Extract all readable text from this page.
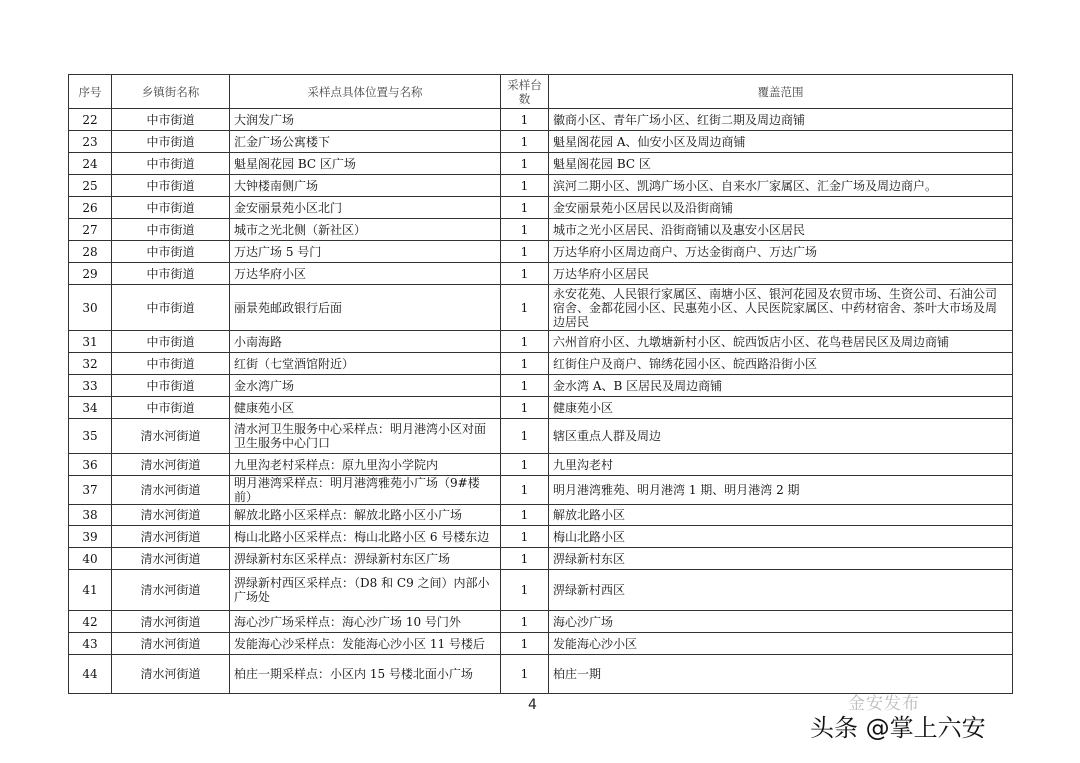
序号	乡镇街名称	采样点具体位置与名称	采样台数	覆盖范围
22	中市街道	大润发广场	1	徽商小区、青年广场小区、红街二期及周边商铺
23	中市街道	汇金广场公寓楼下	1	魁星阁花园 A、仙安小区及周边商铺
24	中市街道	魁星阁花园 BC 区广场	1	魁星阁花园 BC 区
25	中市街道	大钟楼南侧广场	1	滨河二期小区、凯鸿广场小区、自来水厂家属区、汇金广场及周边商户。
26	中市街道	金安丽景苑小区北门	1	金安丽景苑小区居民以及沿街商铺
27	中市街道	城市之光北侧（新社区）	1	城市之光小区居民、沿街商铺以及惠安小区居民
28	中市街道	万达广场 5 号门	1	万达华府小区周边商户、万达金街商户、万达广场
29	中市街道	万达华府小区	1	万达华府小区居民
30	中市街道	丽景苑邮政银行后面	1	永安花苑、人民银行家属区、南塘小区、银河花园及农贸市场、生资公司、石油公司宿舍、金都花园小区、民惠苑小区、人民医院家属区、中药材宿舍、茶叶大市场及周边居民
31	中市街道	小南海路	1	六州首府小区、九墩塘新村小区、皖西饭店小区、花鸟巷居民区及周边商铺
32	中市街道	红街（七堂酒馆附近）	1	红街住户及商户、锦绣花园小区、皖西路沿街小区
33	中市街道	金水湾广场	1	金水湾 A、B 区居民及周边商铺
34	中市街道	健康苑小区	1	健康苑小区
35	清水河街道	清水河卫生服务中心采样点：明月港湾小区对面卫生服务中心门口	1	辖区重点人群及周边
36	清水河街道	九里沟老村采样点：原九里沟小学院内	1	九里沟老村
37	清水河街道	明月港湾采样点：明月港湾雅苑小广场（9#楼前）	1	明月港湾雅苑、明月港湾 1 期、明月港湾 2 期
38	清水河街道	解放北路小区采样点：解放北路小区小广场	1	解放北路小区
39	清水河街道	梅山北路小区采样点：梅山北路小区 6 号楼东边	1	梅山北路小区
40	清水河街道	淠绿新村东区采样点：淠绿新村东区广场	1	淠绿新村东区
41	清水河街道	淠绿新村西区采样点：（D8 和 C9 之间）内部小广场处	1	淠绿新村西区
42	清水河街道	海心沙广场采样点：海心沙广场 10 号门外	1	海心沙广场
43	清水河街道	发能海心沙采样点：发能海心沙小区 11 号楼后	1	发能海心沙小区
44	清水河街道	柏庄一期采样点：小区内 15 号楼北面小广场	1	柏庄一期
4	金安发布
头条 @掌上六安
